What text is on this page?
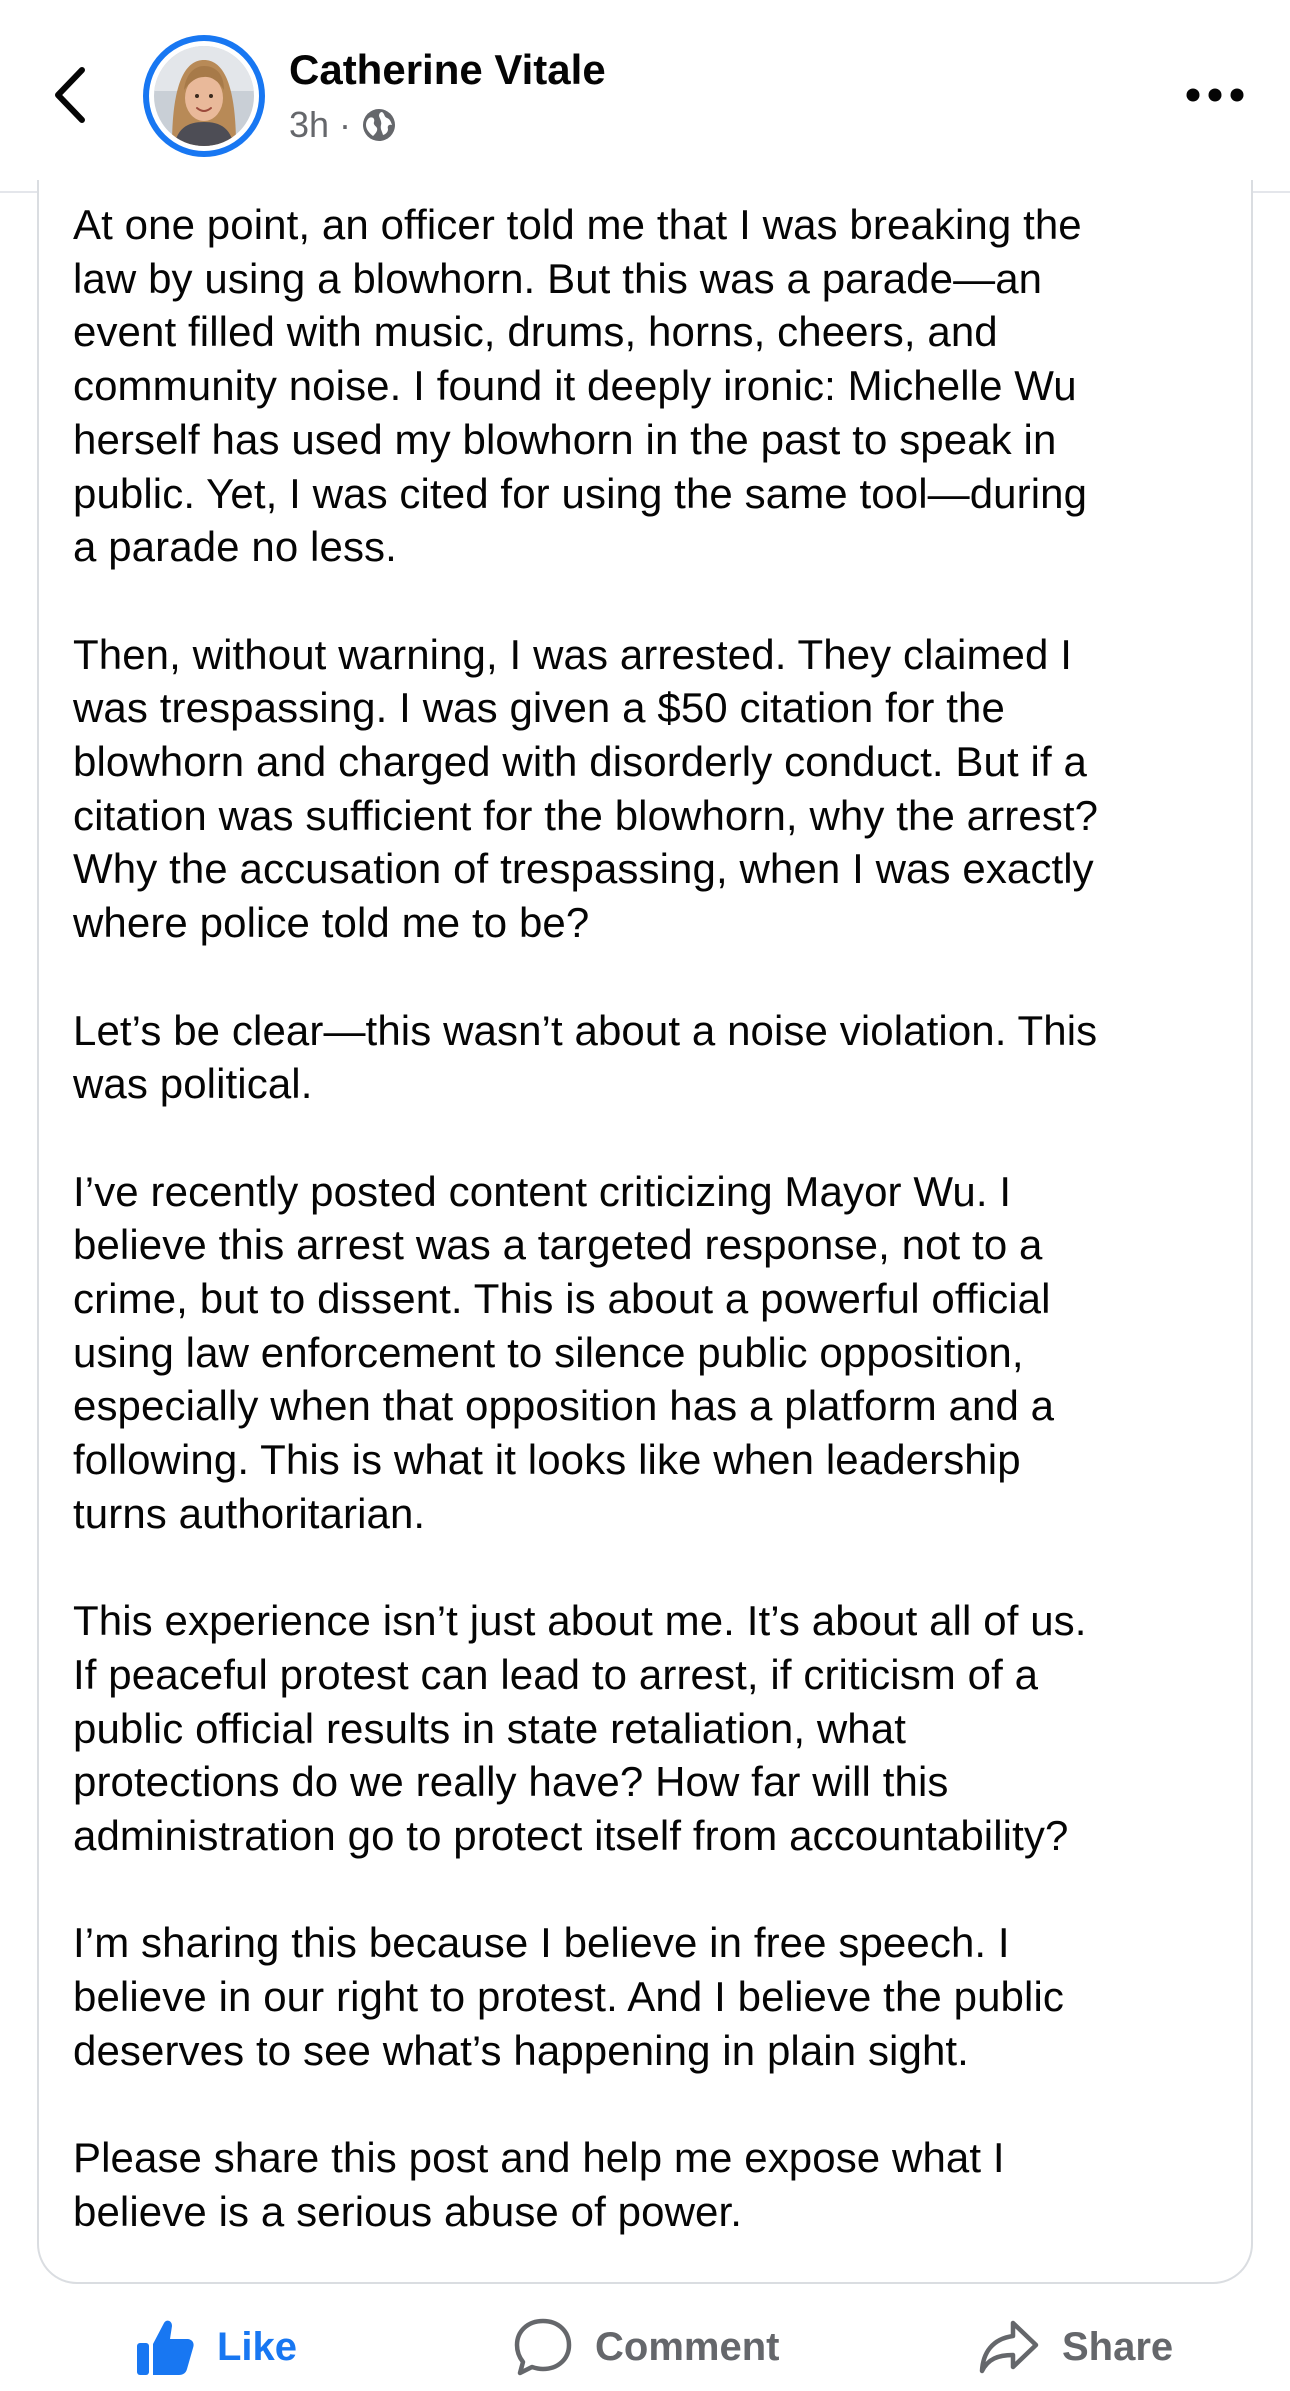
Catherine Vitale
3h ·

At one point, an officer told me that I was breaking the
law by using a blowhorn. But this was a parade—an
event filled with music, drums, horns, cheers, and
community noise. I found it deeply ironic: Michelle Wu
herself has used my blowhorn in the past to speak in
public. Yet, I was cited for using the same tool—during
a parade no less.

Then, without warning, I was arrested. They claimed I
was trespassing. I was given a $50 citation for the
blowhorn and charged with disorderly conduct. But if a
citation was sufficient for the blowhorn, why the arrest?
Why the accusation of trespassing, when I was exactly
where police told me to be?

Let’s be clear—this wasn’t about a noise violation. This
was political.

I’ve recently posted content criticizing Mayor Wu. I
believe this arrest was a targeted response, not to a
crime, but to dissent. This is about a powerful official
using law enforcement to silence public opposition,
especially when that opposition has a platform and a
following. This is what it looks like when leadership
turns authoritarian.

This experience isn’t just about me. It’s about all of us.
If peaceful protest can lead to arrest, if criticism of a
public official results in state retaliation, what
protections do we really have? How far will this
administration go to protect itself from accountability?

I’m sharing this because I believe in free speech. I
believe in our right to protest. And I believe the public
deserves to see what’s happening in plain sight.

Please share this post and help me expose what I
believe is a serious abuse of power.

Like	Comment	Share
